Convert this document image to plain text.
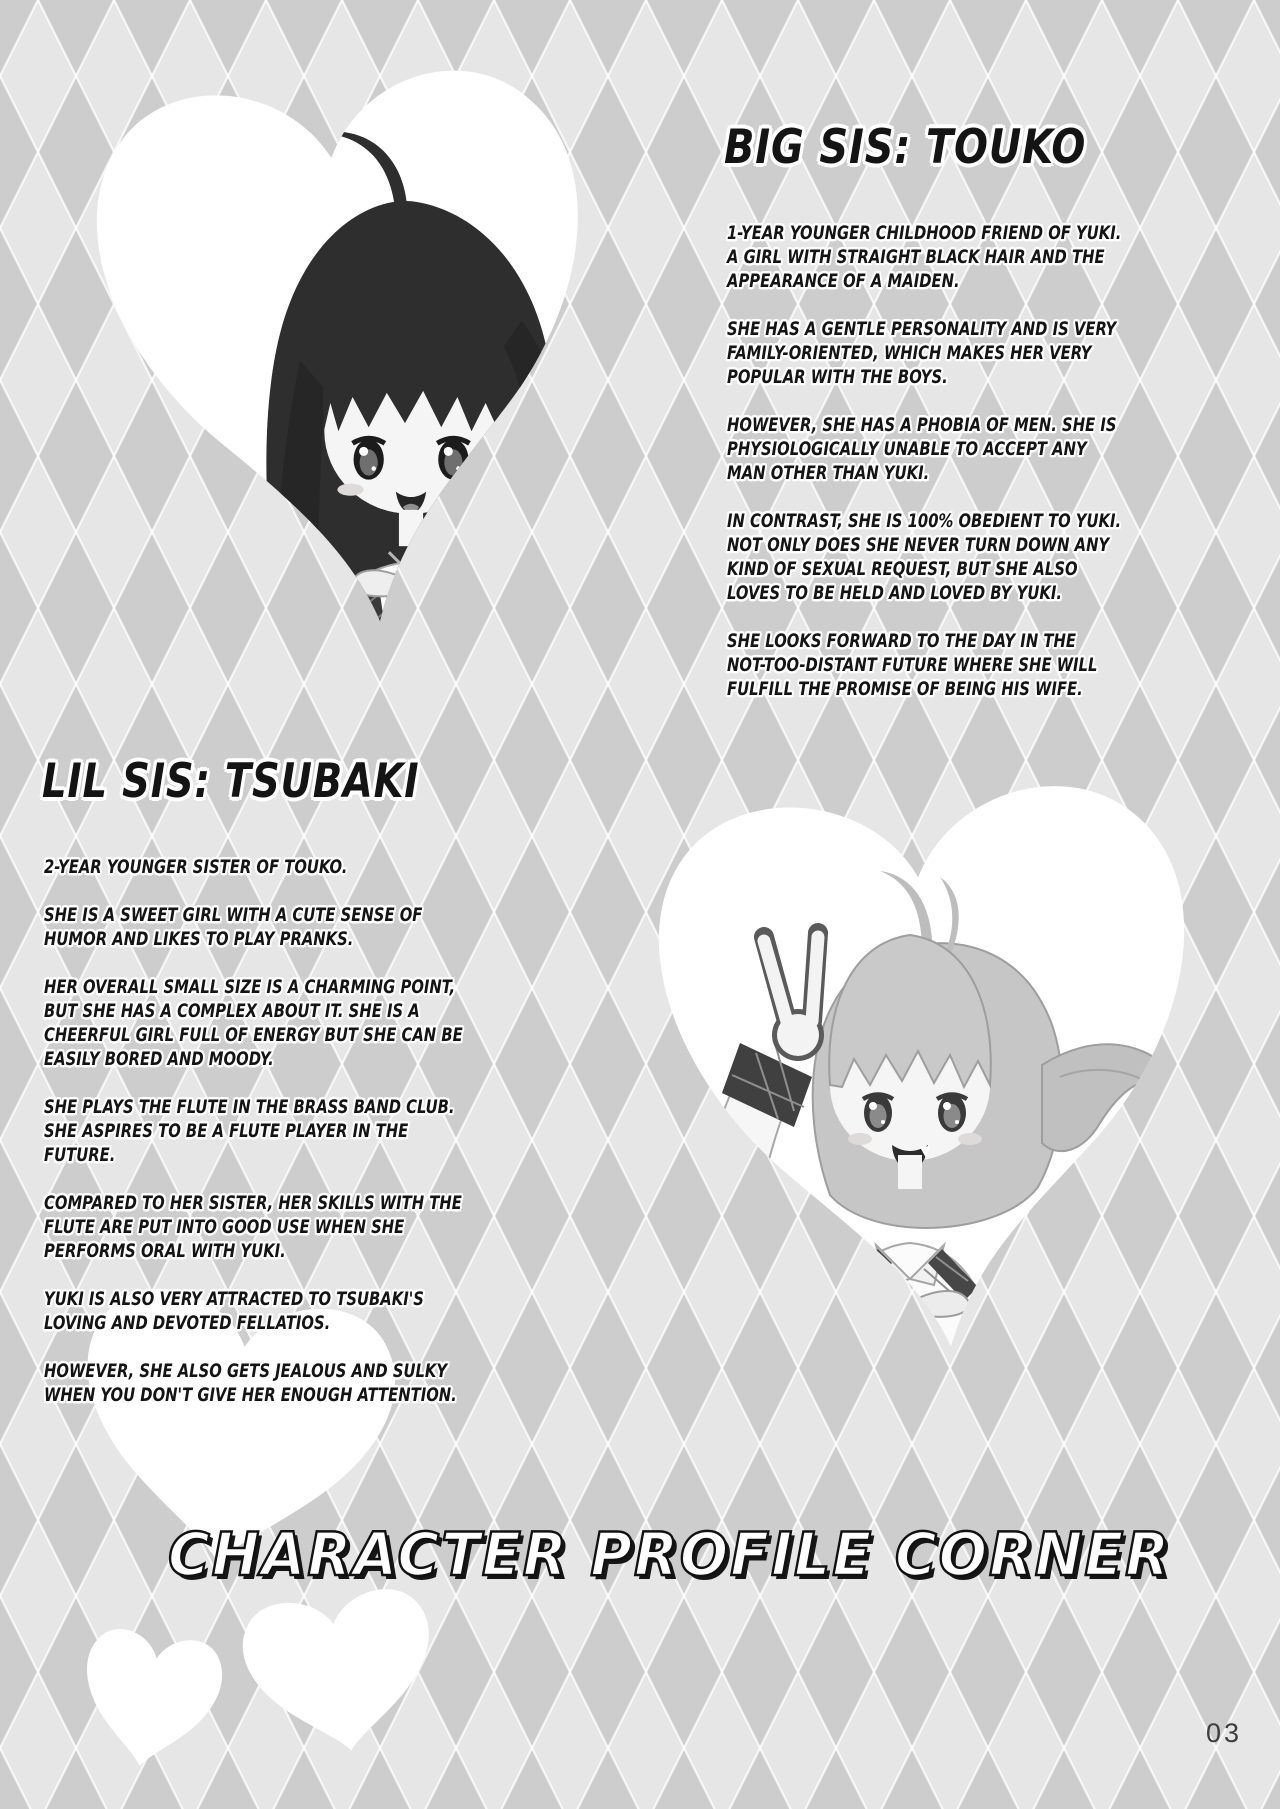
BIG SIS: TOUKO

1-YEAR YOUNGER CHILDHOOD FRIEND OF YUKI.
A GIRL WITH STRAIGHT BLACK HAIR AND THE
APPEARANCE OF A MAIDEN.

SHE HAS A GENTLE PERSONALITY AND IS VERY
FAMILY-ORIENTED, WHICH MAKES HER VERY
POPULAR WITH THE BOYS.

HOWEVER, SHE HAS A PHOBIA OF MEN. SHE IS
PHYSIOLOGICALLY UNABLE TO ACCEPT ANY
MAN OTHER THAN YUKI.

IN CONTRAST, SHE IS 100% OBEDIENT TO YUKI.
NOT ONLY DOES SHE NEVER TURN DOWN ANY
KIND OF SEXUAL REQUEST, BUT SHE ALSO
LOVES TO BE HELD AND LOVED BY YUKI.

SHE LOOKS FORWARD TO THE DAY IN THE
NOT-TOO-DISTANT FUTURE WHERE SHE WILL
FULFILL THE PROMISE OF BEING HIS WIFE.

LIL SIS: TSUBAKI

2-YEAR YOUNGER SISTER OF TOUKO.

SHE IS A SWEET GIRL WITH A CUTE SENSE OF
HUMOR AND LIKES TO PLAY PRANKS.

HER OVERALL SMALL SIZE IS A CHARMING POINT,
BUT SHE HAS A COMPLEX ABOUT IT. SHE IS A
CHEERFUL GIRL FULL OF ENERGY BUT SHE CAN BE
EASILY BORED AND MOODY.

SHE PLAYS THE FLUTE IN THE BRASS BAND CLUB.
SHE ASPIRES TO BE A FLUTE PLAYER IN THE
FUTURE.

COMPARED TO HER SISTER, HER SKILLS WITH THE
FLUTE ARE PUT INTO GOOD USE WHEN SHE
PERFORMS ORAL WITH YUKI.

YUKI IS ALSO VERY ATTRACTED TO TSUBAKI'S
LOVING AND DEVOTED FELLATIOS.

HOWEVER, SHE ALSO GETS JEALOUS AND SULKY
WHEN YOU DON'T GIVE HER ENOUGH ATTENTION.

CHARACTER PROFILE CORNER
03
